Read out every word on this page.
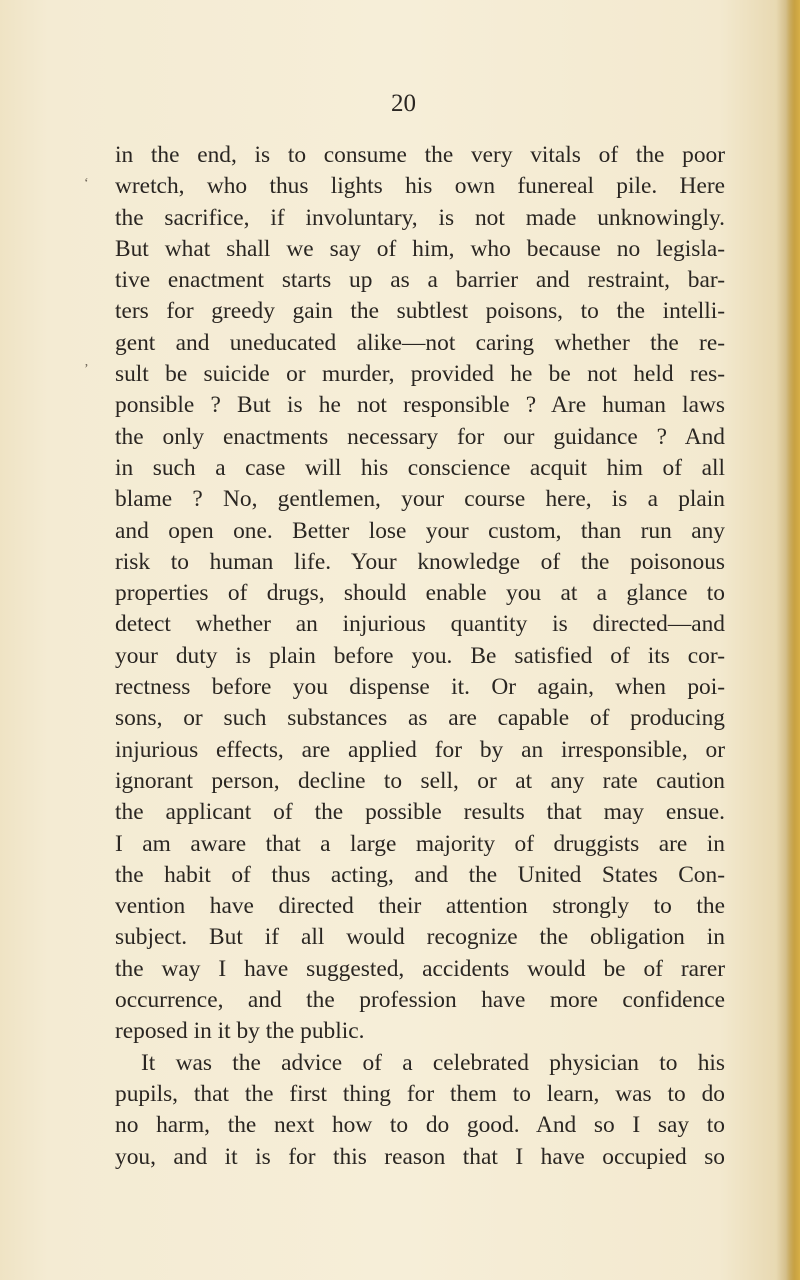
20
‘
’
in the end, is to consume the very vitals of the poor
wretch, who thus lights his own funereal pile. Here
the sacrifice, if involuntary, is not made unknowingly.
But what shall we say of him, who because no legisla-
tive enactment starts up as a barrier and restraint, bar-
ters for greedy gain the subtlest poisons, to the intelli-
gent and uneducated alike—not caring whether the re-
sult be suicide or murder, provided he be not held res-
ponsible ? But is he not responsible ? Are human laws
the only enactments necessary for our guidance ? And
in such a case will his conscience acquit him of all
blame ? No, gentlemen, your course here, is a plain
and open one. Better lose your custom, than run any
risk to human life. Your knowledge of the poisonous
properties of drugs, should enable you at a glance to
detect whether an injurious quantity is directed—and
your duty is plain before you. Be satisfied of its cor-
rectness before you dispense it. Or again, when poi-
sons, or such substances as are capable of producing
injurious effects, are applied for by an irresponsible, or
ignorant person, decline to sell, or at any rate caution
the applicant of the possible results that may ensue.
I am aware that a large majority of druggists are in
the habit of thus acting, and the United States Con-
vention have directed their attention strongly to the
subject. But if all would recognize the obligation in
the way I have suggested, accidents would be of rarer
occurrence, and the profession have more confidence
reposed in it by the public.
It was the advice of a celebrated physician to his
pupils, that the first thing for them to learn, was to do
no harm, the next how to do good. And so I say to
you, and it is for this reason that I have occupied so
